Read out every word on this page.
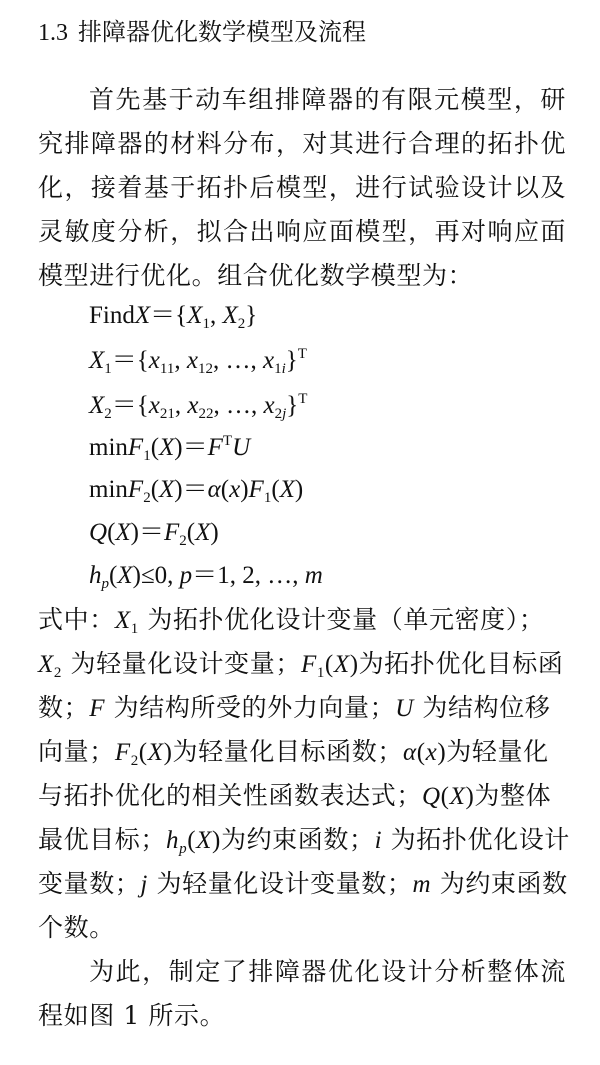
1.3 排障器优化数学模型及流程
首先基于动车组排障器的有限元模型，研
究排障器的材料分布，对其进行合理的拓扑优
化，接着基于拓扑后模型，进行试验设计以及
灵敏度分析，拟合出响应面模型，再对响应面
模型进行优化。组合优化数学模型为：
$FindX=\{X_1$, $X_2$}
$X_1=\{x_{11}$, $x_{12}$, …, $x_{1i}\}^T$
$X_2=\{x_{21}$, $x_{22}$, …, $x_{2j}\}^T$
$\min F_1(X)=F^TU$
$\min F_2(X)=\alpha(x)F_1(X)$
$Q(X)=F_2(X)$
$h_p(X)\le 0$, p＝1, 2, …, m
式中：$X_1$ 为拓扑优化设计变量（单元密度）；
$X_2$ 为轻量化设计变量；$F_1(X)$为拓扑优化目标函
数；F 为结构所受的外力向量；U 为结构位移
向量；$F_2(X)$为轻量化目标函数；α(x)为轻量化
与拓扑优化的相关性函数表达式；Q(X)为整体
最优目标；$h_p(X)$为约束函数；i 为拓扑优化设计
变量数；j 为轻量化设计变量数；m 为约束函数
个数。
为此，制定了排障器优化设计分析整体流
程如图 1 所示。
